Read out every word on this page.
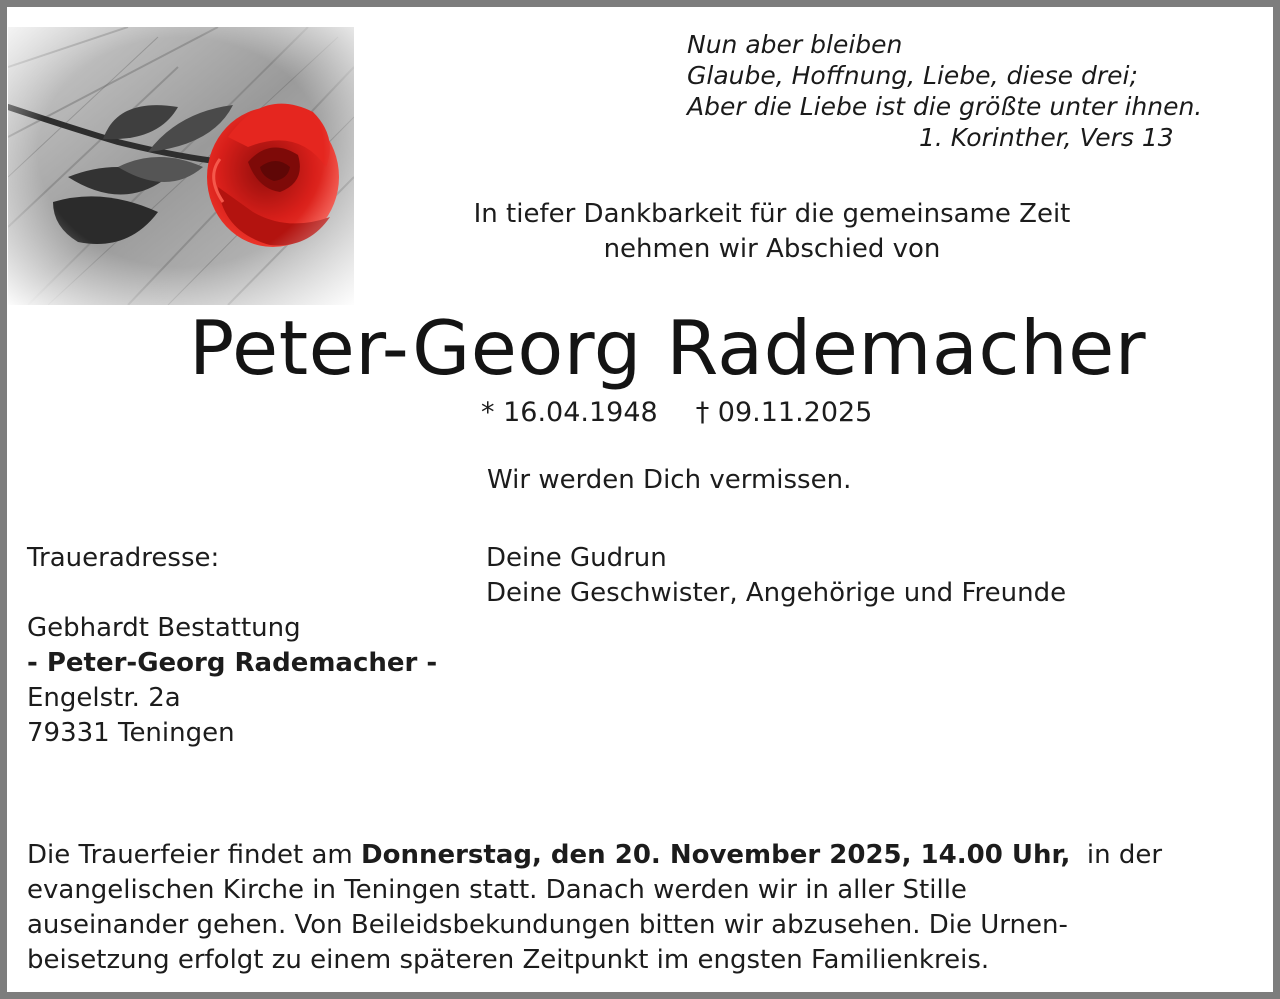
Nun aber bleiben
Glaube, Hoffnung, Liebe, diese drei;
Aber die Liebe ist die größte unter ihnen.
1. Korinther, Vers 13
In tiefer Dankbarkeit für die gemeinsame Zeit
nehmen wir Abschied von
Peter-Georg Rademacher
* 16.04.1948 † 09.11.2025
Wir werden Dich vermissen.
Traueradresse:
Gebhardt Bestattung
- Peter-Georg Rademacher -
Engelstr. 2a
79331 Teningen
Deine Gudrun
Deine Geschwister, Angehörige und Freunde
Die Trauerfeier findet am Donnerstag, den 20. November 2025, 14.00 Uhr,  in der
evangelischen Kirche in Teningen statt. Danach werden wir in aller Stille
auseinander gehen. Von Beileidsbekundungen bitten wir abzusehen. Die Urnen-
beisetzung erfolgt zu einem späteren Zeitpunkt im engsten Familienkreis.
